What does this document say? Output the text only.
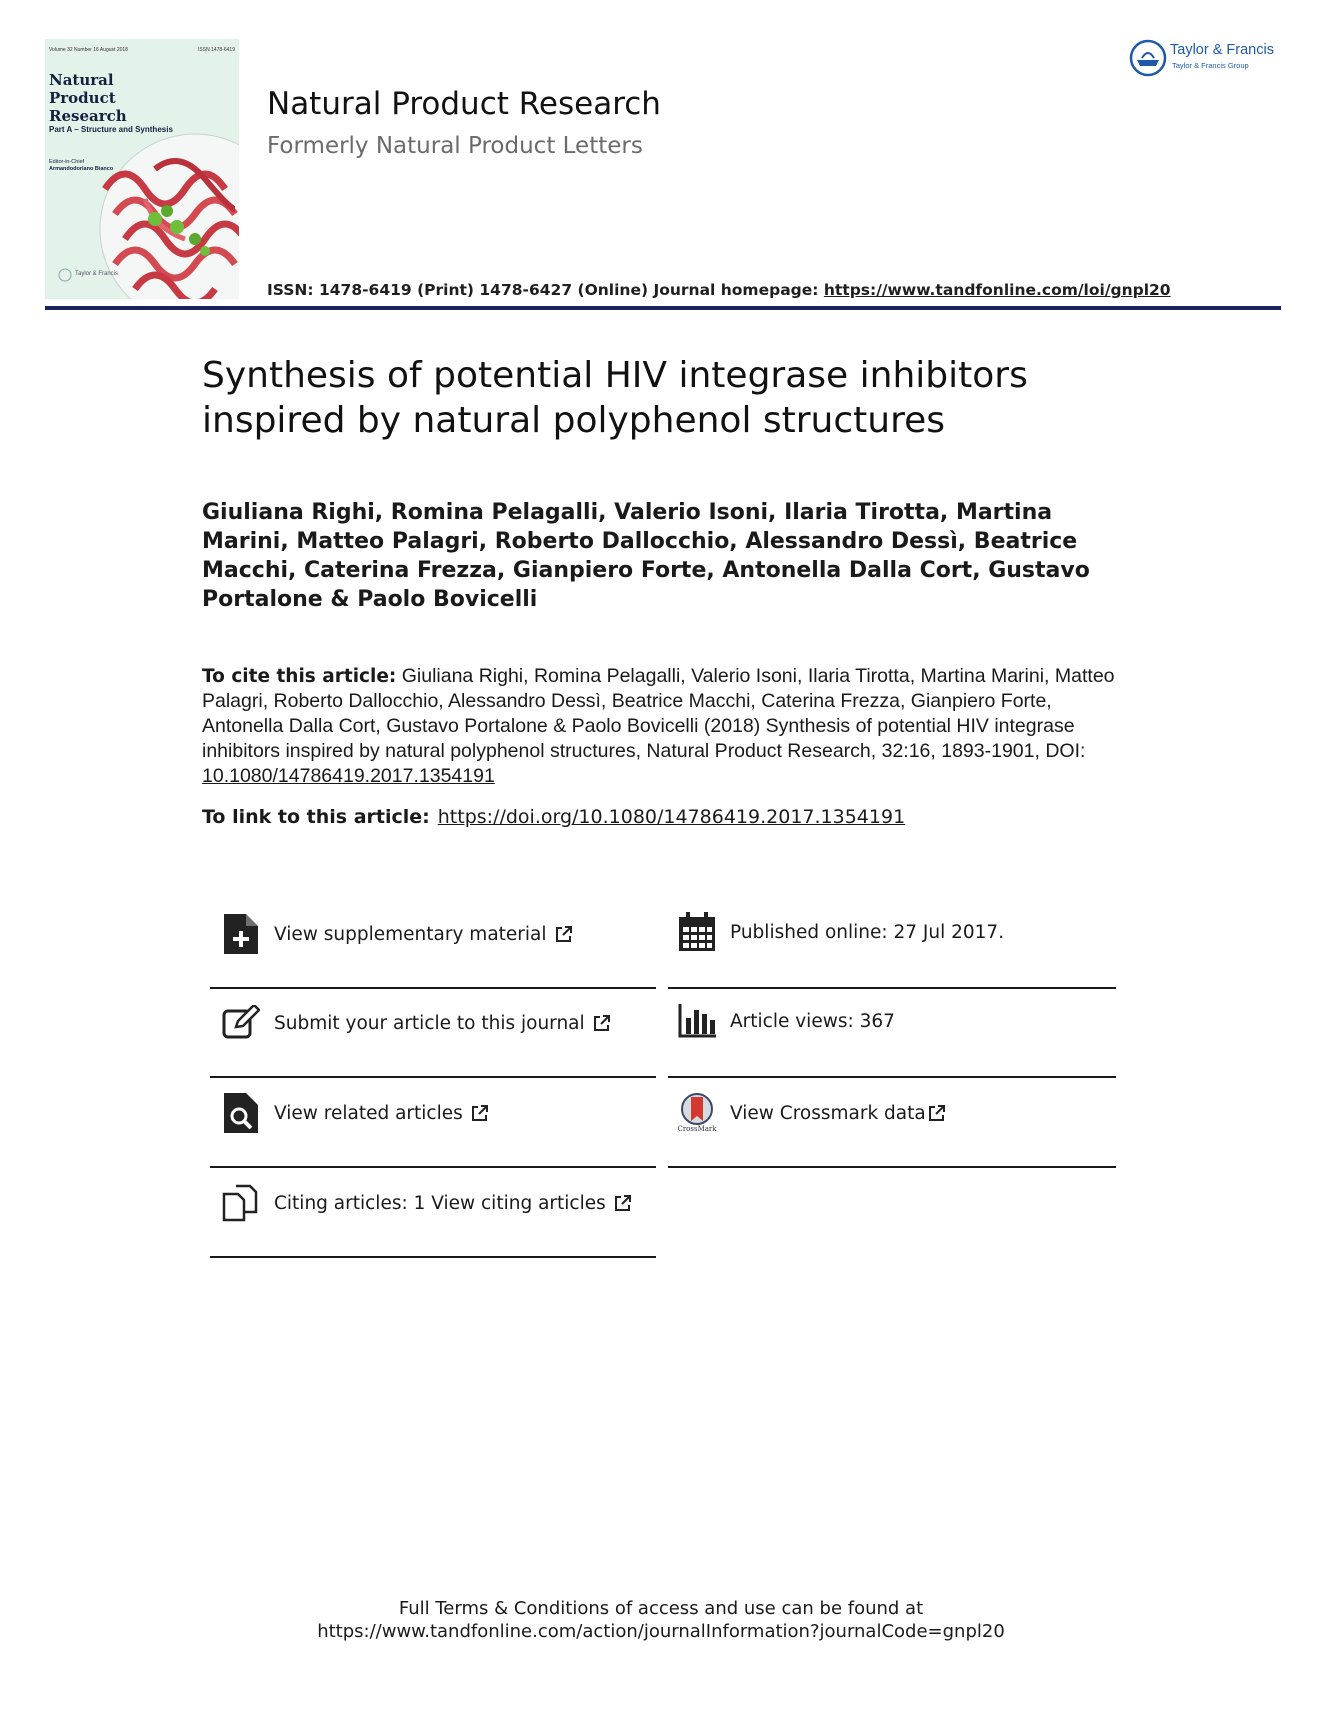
Volume 32 Number 16 August 2018	ISSN 1478-6419
Natural Product Research
Part A – Structure and Synthesis
Editor-in-Chief
Armandodoriano Bianco
Taylor & Francis
Natural Product Research
Formerly Natural Product Letters
ISSN: 1478-6419 (Print) 1478-6427 (Online) Journal homepage: https://www.tandfonline.com/loi/gnpl20
Taylor & Francis
Taylor & Francis Group
Synthesis of potential HIV integrase inhibitors inspired by natural polyphenol structures
Giuliana Righi, Romina Pelagalli, Valerio Isoni, Ilaria Tirotta, Martina Marini, Matteo Palagri, Roberto Dallocchio, Alessandro Dessì, Beatrice Macchi, Caterina Frezza, Gianpiero Forte, Antonella Dalla Cort, Gustavo Portalone & Paolo Bovicelli
To cite this article: Giuliana Righi, Romina Pelagalli, Valerio Isoni, Ilaria Tirotta, Martina Marini, Matteo Palagri, Roberto Dallocchio, Alessandro Dessì, Beatrice Macchi, Caterina Frezza, Gianpiero Forte, Antonella Dalla Cort, Gustavo Portalone & Paolo Bovicelli (2018) Synthesis of potential HIV integrase inhibitors inspired by natural polyphenol structures, Natural Product Research, 32:16, 1893-1901, DOI: 10.1080/14786419.2017.1354191
To link to this article: https://doi.org/10.1080/14786419.2017.1354191
View supplementary material
Submit your article to this journal
View related articles
Citing articles: 1 View citing articles
Published online: 27 Jul 2017.
Article views: 367
CrossMark
View Crossmark data
Full Terms & Conditions of access and use can be found at
https://www.tandfonline.com/action/journalInformation?journalCode=gnpl20
